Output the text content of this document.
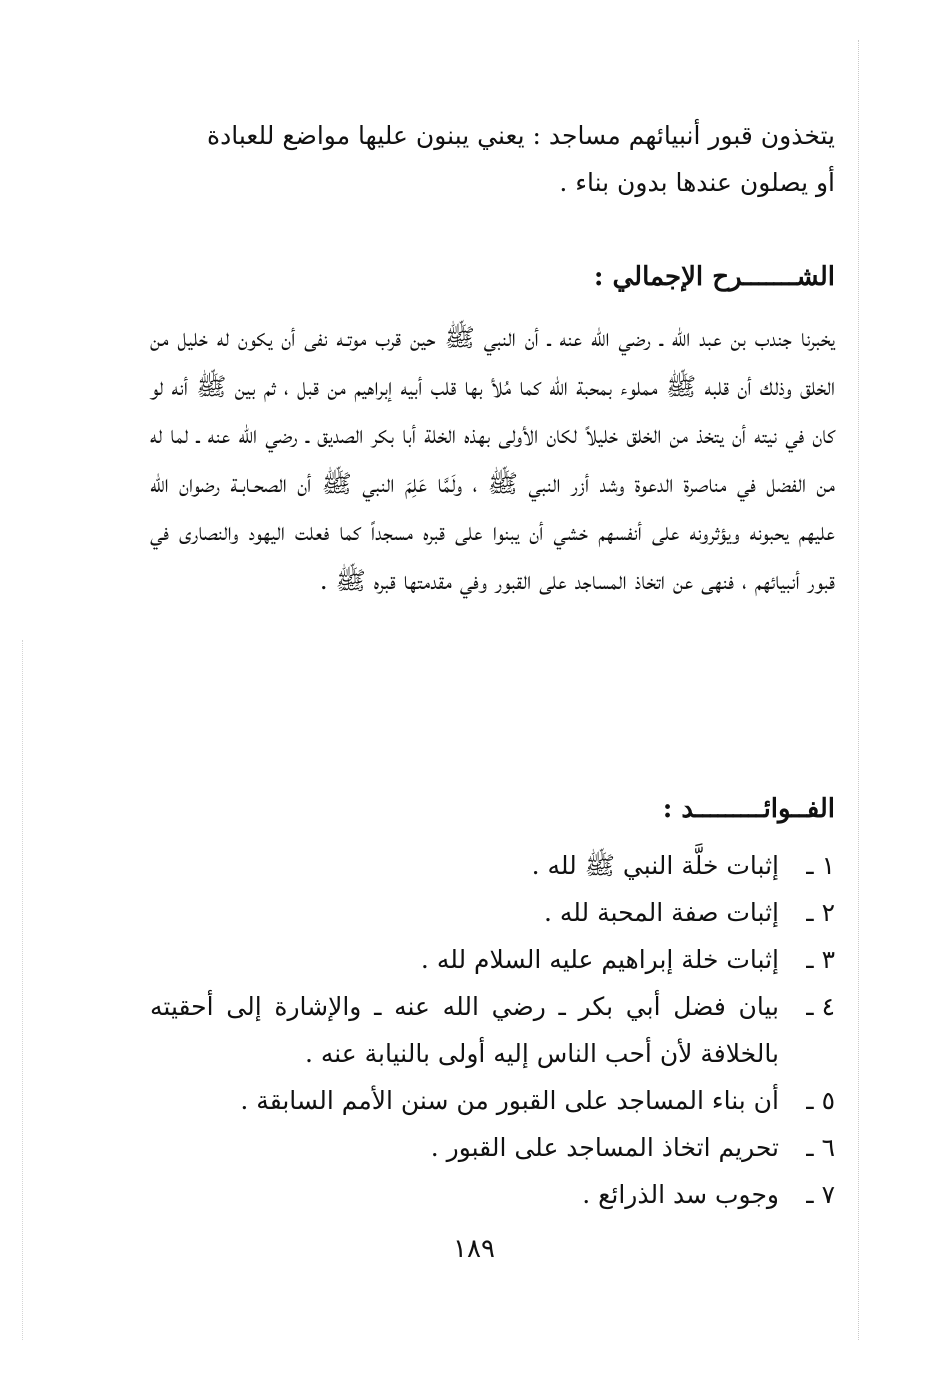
يتخذون قبور أنبيائهم مساجد : يعني يبنون عليها مواضع للعبادة

أو يصلون عندها بدون بناء .
الشـــــــرح الإجمالي :
يخبرنا جندب بن عبد الله ـ رضي الله عنه ـ أن النبي ﷺ حين قرب موتـه نفى أن يكون له خليل من الخلق وذلك أن قلبه ﷺ مملوء بمحبة الله كما مُلأ بها قلب أبيه إبراهيم من قبل ، ثم بين ﷺ أنه لو كان في نيته أن يتخذ من الخلق خليلاً لكان الأولى بهذه الخلة أبا بكر الصديق ـ رضي الله عنه ـ لما له من الفضل في مناصرة الدعوة وشد أزر النبي ﷺ ، ولَمَّا عَلِمَ النبي ﷺ أن الصحـابـة رضوان الله عليهم يحبونه ويؤثرونه على أنفسهم خشي أن يبنوا على قبره مسجداً كما فعلت اليهود والنصارى في قبور أنبيائهم ، فنهى عن اتخاذ المساجد على القبور وفي مقدمتها قبره ﷺ .
الفــوائـــــــــد :
١ ـ
إثبات خلَّة النبي ﷺ لله .
٢ ـ
إثبات صفة المحبة لله .
٣ ـ
إثبات خلة إبراهيم عليه السلام لله .
٤ ـ
بيان فضل أبي بكر ـ رضي الله عنه ـ والإشارة إلى أحقيته بالخلافة لأن أحب الناس إليه أولى بالنيابة عنه .
٥ ـ
أن بناء المساجد على القبور من سنن الأمم السابقة .
٦ ـ
تحريم اتخاذ المساجد على القبور .
٧ ـ
وجوب سد الذرائع .
١٨٩
